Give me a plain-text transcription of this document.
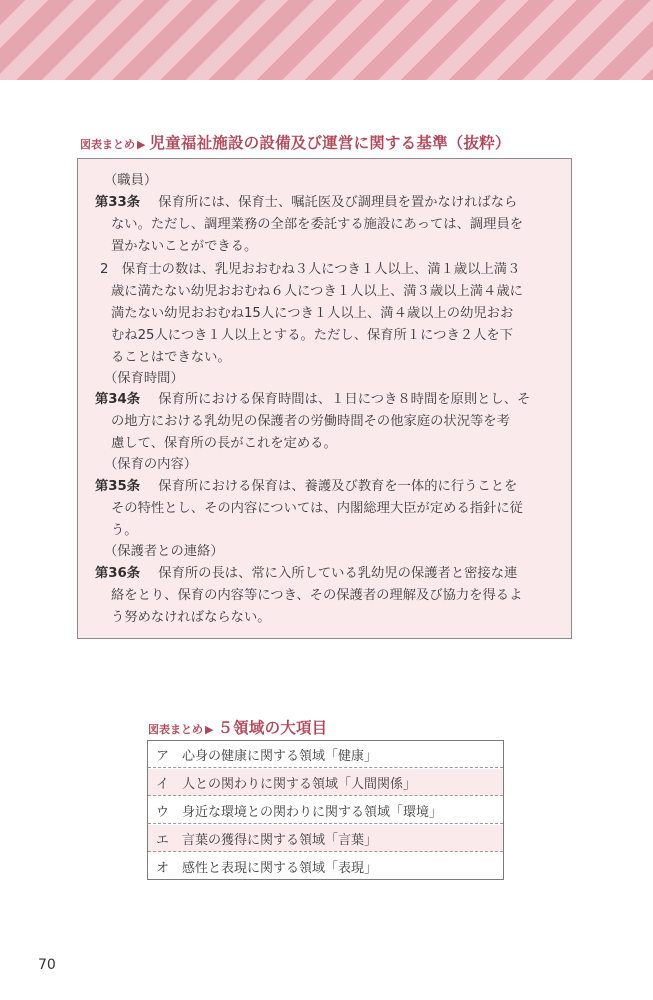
図表まとめ ▶ 児童福祉施設の設備及び運営に関する基準（抜粋）
（職員）
第33条 　保育所には、保育士、嘱託医及び調理員を置かなければなら
ない。ただし、調理業務の全部を委託する施設にあっては、調理員を
置かないことができる。
2　保育士の数は、乳児おおむね３人につき１人以上、満１歳以上満３
歳に満たない幼児おおむね６人につき１人以上、満３歳以上満４歳に
満たない幼児おおむね15人につき１人以上、満４歳以上の幼児おお
むね25人につき１人以上とする。ただし、保育所１につき２人を下
ることはできない。
（保育時間）
第34条 　保育所における保育時間は、１日につき８時間を原則とし、そ
の地方における乳幼児の保護者の労働時間その他家庭の状況等を考
慮して、保育所の長がこれを定める。
（保育の内容）
第35条 　保育所における保育は、養護及び教育を一体的に行うことを
その特性とし、その内容については、内閣総理大臣が定める指針に従
う。
（保護者との連絡）
第36条 　保育所の長は、常に入所している乳幼児の保護者と密接な連
絡をとり、保育の内容等につき、その保護者の理解及び協力を得るよ
う努めなければならない。
図表まとめ ▶ ５領域の大項目
ア 心身の健康に関する領域「健康」
イ 人との関わりに関する領域「人間関係」
ウ 身近な環境との関わりに関する領域「環境」
エ 言葉の獲得に関する領域「言葉」
オ 感性と表現に関する領域「表現」
70
